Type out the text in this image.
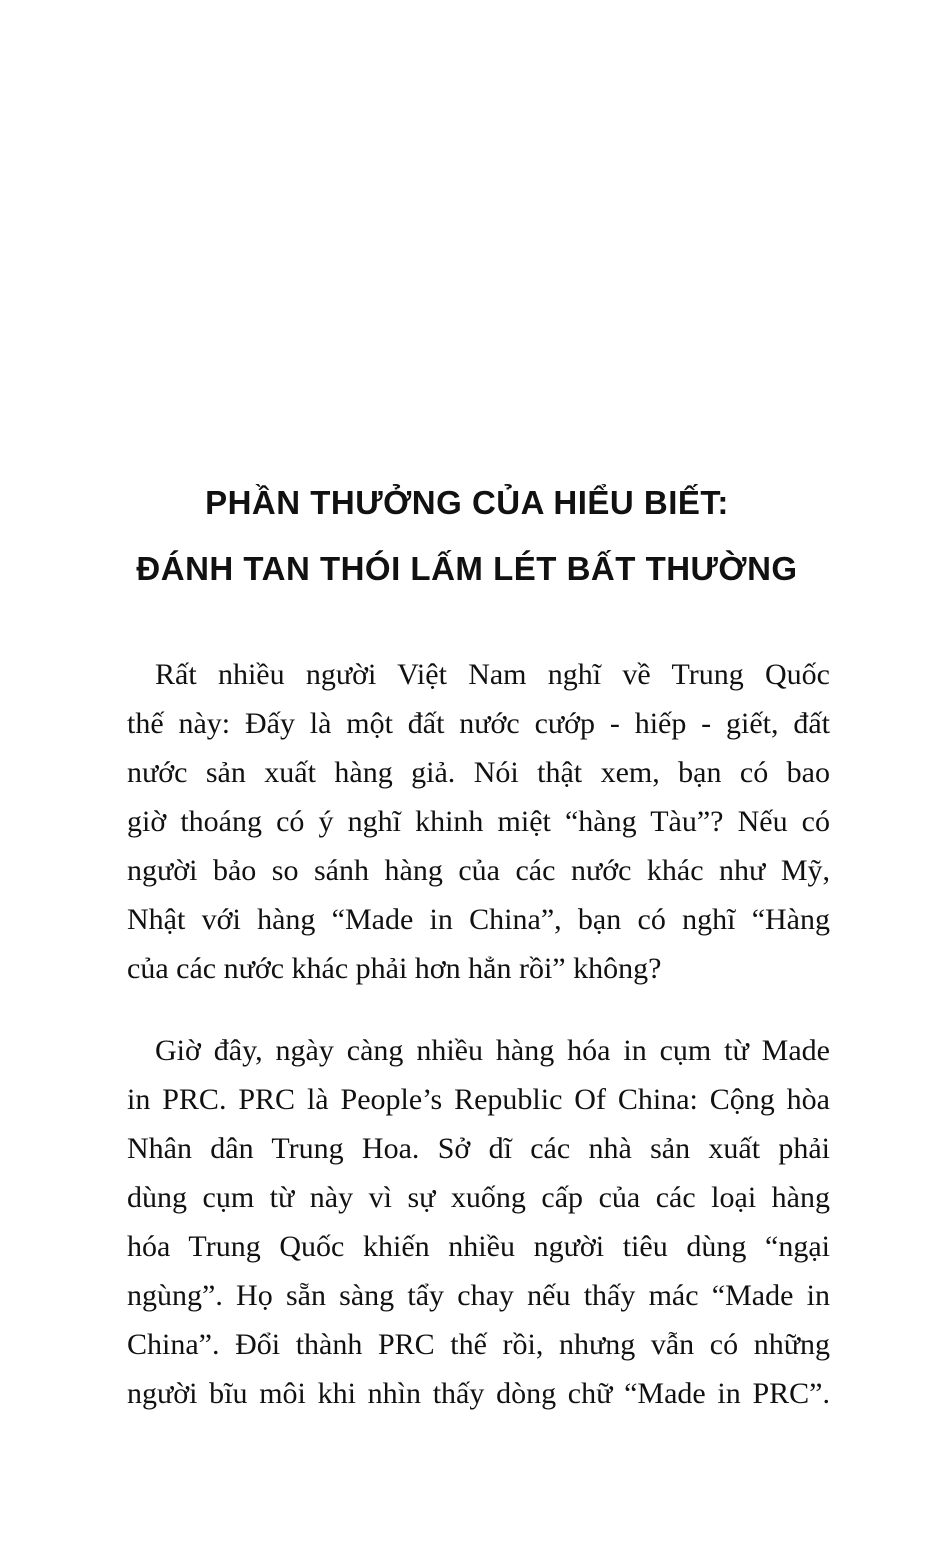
PHẦN THƯỞNG CỦA HIỂU BIẾT:
ĐÁNH TAN THÓI LẤM LÉT BẤT THƯỜNG
Rất nhiều người Việt Nam nghĩ về Trung Quốc
thế này: Đấy là một đất nước cướp - hiếp - giết, đất
nước sản xuất hàng giả. Nói thật xem, bạn có bao
giờ thoáng có ý nghĩ khinh miệt “hàng Tàu”? Nếu có
người bảo so sánh hàng của các nước khác như Mỹ,
Nhật với hàng “Made in China”, bạn có nghĩ “Hàng
của các nước khác phải hơn hẳn rồi” không?
Giờ đây, ngày càng nhiều hàng hóa in cụm từ Made
in PRC. PRC là People’s Republic Of China: Cộng hòa
Nhân dân Trung Hoa. Sở dĩ các nhà sản xuất phải
dùng cụm từ này vì sự xuống cấp của các loại hàng
hóa Trung Quốc khiến nhiều người tiêu dùng “ngại
ngùng”. Họ sẵn sàng tẩy chay nếu thấy mác “Made in
China”. Đổi thành PRC thế rồi, nhưng vẫn có những
người bĩu môi khi nhìn thấy dòng chữ “Made in PRC”.
